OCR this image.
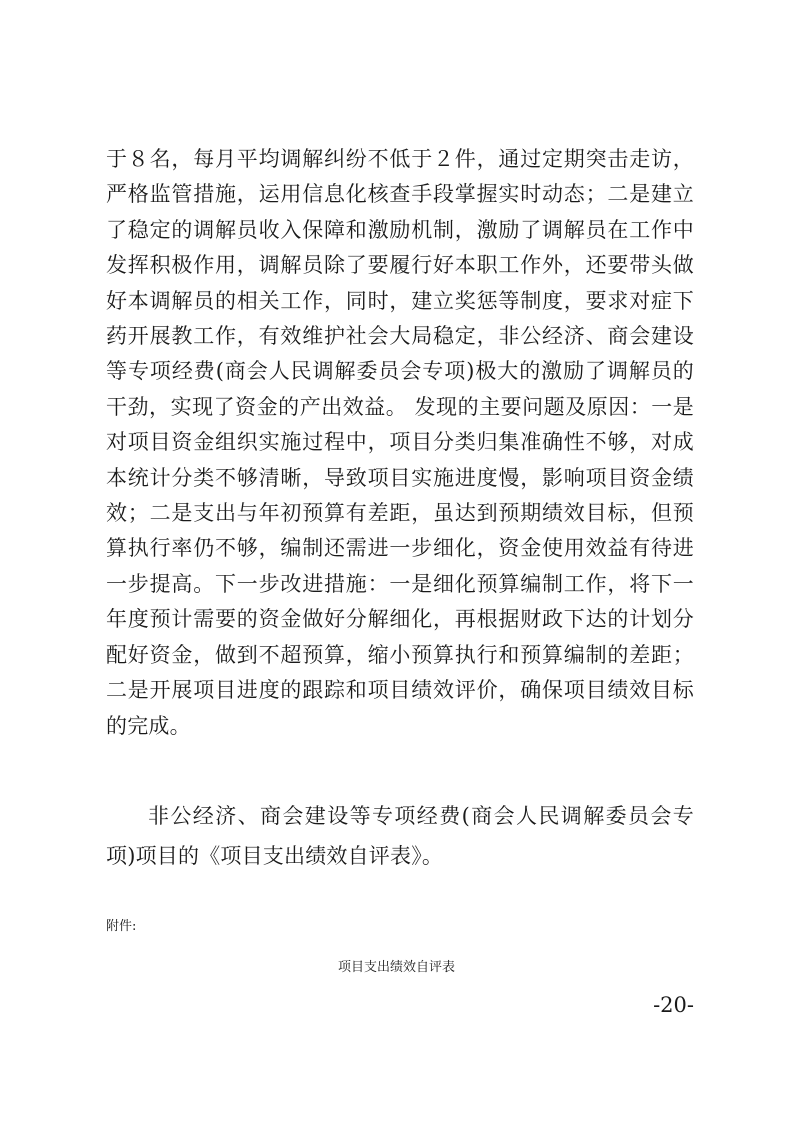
于８名，每月平均调解纠纷不低于２件，通过定期突击走访，严格监管措施，运用信息化核查手段掌握实时动态；二是建立了稳定的调解员收入保障和激励机制，激励了调解员在工作中发挥积极作用，调解员除了要履行好本职工作外，还要带头做好本调解员的相关工作，同时，建立奖惩等制度，要求对症下药开展教工作，有效维护社会大局稳定，非公经济、商会建设等专项经费(商会人民调解委员会专项)极大的激励了调解员的干劲，实现了资金的产出效益。 发现的主要问题及原因：一是对项目资金组织实施过程中，项目分类归集准确性不够，对成本统计分类不够清晰，导致项目实施进度慢，影响项目资金绩效；二是支出与年初预算有差距，虽达到预期绩效目标，但预算执行率仍不够，编制还需进一步细化，资金使用效益有待进一步提高。下一步改进措施：一是细化预算编制工作，将下一年度预计需要的资金做好分解细化，再根据财政下达的计划分配好资金，做到不超预算，缩小预算执行和预算编制的差距；二是开展项目进度的跟踪和项目绩效评价，确保项目绩效目标的完成。

非公经济、商会建设等专项经费(商会人民调解委员会专项)项目的《项目支出绩效自评表》。

附件:

项目支出绩效自评表

-20-
